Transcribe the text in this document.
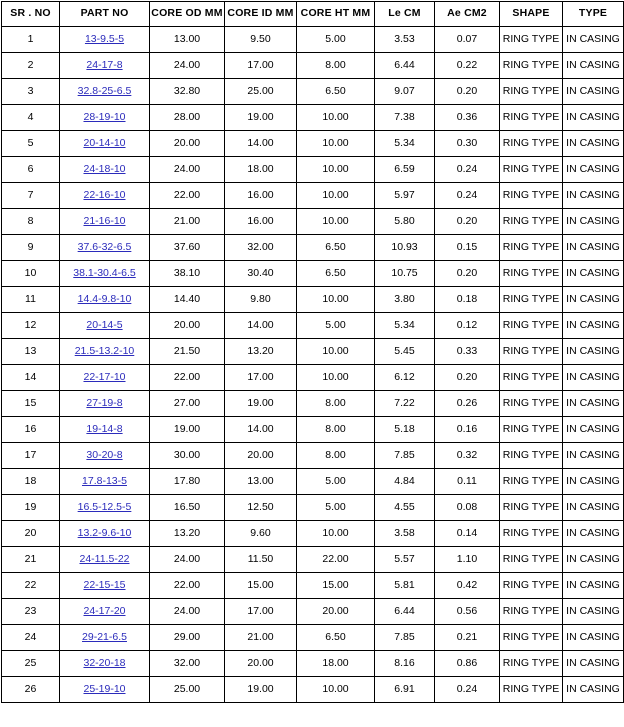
SR . NO	PART NO	CORE OD MM	CORE ID MM	CORE HT MM	Le CM	Ae CM2	SHAPE	TYPE
1	13-9.5-5	13.00	9.50	5.00	3.53	0.07	RING TYPE	IN CASING
2	24-17-8	24.00	17.00	8.00	6.44	0.22	RING TYPE	IN CASING
3	32.8-25-6.5	32.80	25.00	6.50	9.07	0.20	RING TYPE	IN CASING
4	28-19-10	28.00	19.00	10.00	7.38	0.36	RING TYPE	IN CASING
5	20-14-10	20.00	14.00	10.00	5.34	0.30	RING TYPE	IN CASING
6	24-18-10	24.00	18.00	10.00	6.59	0.24	RING TYPE	IN CASING
7	22-16-10	22.00	16.00	10.00	5.97	0.24	RING TYPE	IN CASING
8	21-16-10	21.00	16.00	10.00	5.80	0.20	RING TYPE	IN CASING
9	37.6-32-6.5	37.60	32.00	6.50	10.93	0.15	RING TYPE	IN CASING
10	38.1-30.4-6.5	38.10	30.40	6.50	10.75	0.20	RING TYPE	IN CASING
11	14.4-9.8-10	14.40	9.80	10.00	3.80	0.18	RING TYPE	IN CASING
12	20-14-5	20.00	14.00	5.00	5.34	0.12	RING TYPE	IN CASING
13	21.5-13.2-10	21.50	13.20	10.00	5.45	0.33	RING TYPE	IN CASING
14	22-17-10	22.00	17.00	10.00	6.12	0.20	RING TYPE	IN CASING
15	27-19-8	27.00	19.00	8.00	7.22	0.26	RING TYPE	IN CASING
16	19-14-8	19.00	14.00	8.00	5.18	0.16	RING TYPE	IN CASING
17	30-20-8	30.00	20.00	8.00	7.85	0.32	RING TYPE	IN CASING
18	17.8-13-5	17.80	13.00	5.00	4.84	0.11	RING TYPE	IN CASING
19	16.5-12.5-5	16.50	12.50	5.00	4.55	0.08	RING TYPE	IN CASING
20	13.2-9.6-10	13.20	9.60	10.00	3.58	0.14	RING TYPE	IN CASING
21	24-11.5-22	24.00	11.50	22.00	5.57	1.10	RING TYPE	IN CASING
22	22-15-15	22.00	15.00	15.00	5.81	0.42	RING TYPE	IN CASING
23	24-17-20	24.00	17.00	20.00	6.44	0.56	RING TYPE	IN CASING
24	29-21-6.5	29.00	21.00	6.50	7.85	0.21	RING TYPE	IN CASING
25	32-20-18	32.00	20.00	18.00	8.16	0.86	RING TYPE	IN CASING
26	25-19-10	25.00	19.00	10.00	6.91	0.24	RING TYPE	IN CASING
